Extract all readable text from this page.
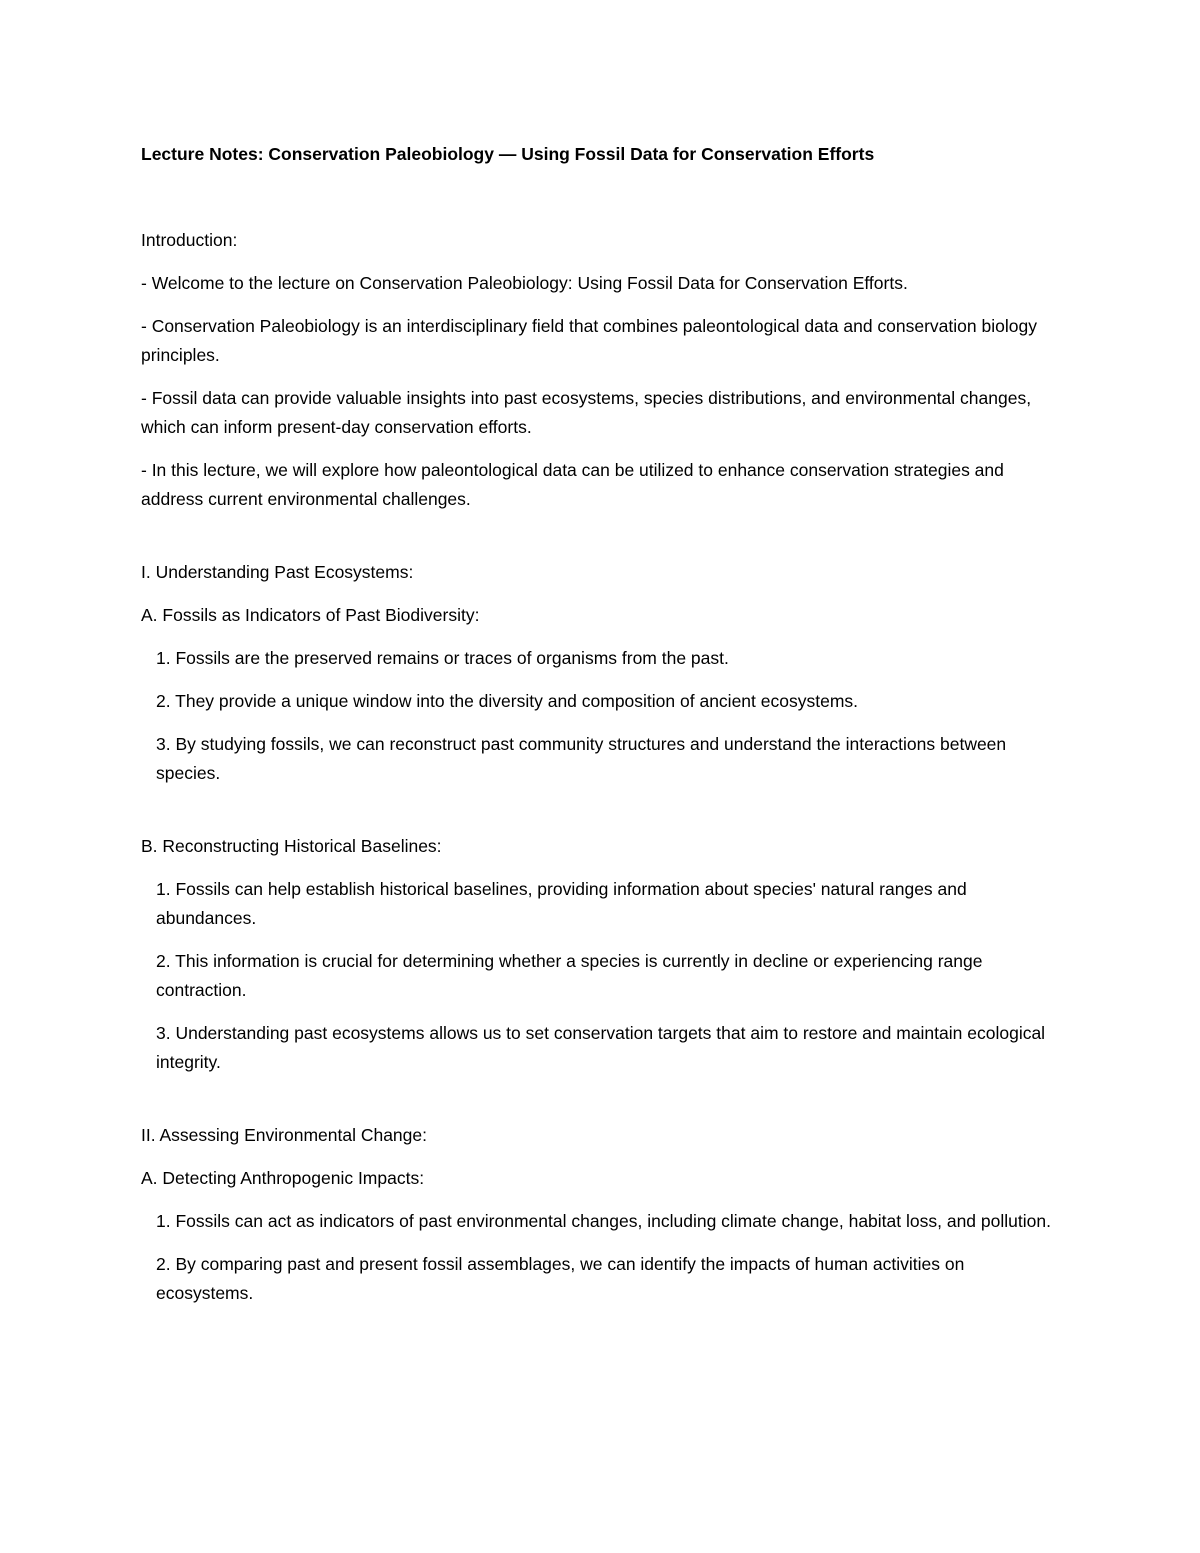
Lecture Notes: Conservation Paleobiology — Using Fossil Data for Conservation Efforts
Introduction:
- Welcome to the lecture on Conservation Paleobiology: Using Fossil Data for Conservation Efforts.
- Conservation Paleobiology is an interdisciplinary field that combines paleontological data and conservation biology principles.
- Fossil data can provide valuable insights into past ecosystems, species distributions, and environmental changes, which can inform present-day conservation efforts.
- In this lecture, we will explore how paleontological data can be utilized to enhance conservation strategies and address current environmental challenges.
I. Understanding Past Ecosystems:
A. Fossils as Indicators of Past Biodiversity:
1. Fossils are the preserved remains or traces of organisms from the past.
2. They provide a unique window into the diversity and composition of ancient ecosystems.
3. By studying fossils, we can reconstruct past community structures and understand the interactions between species.
B. Reconstructing Historical Baselines:
1. Fossils can help establish historical baselines, providing information about species' natural ranges and abundances.
2. This information is crucial for determining whether a species is currently in decline or experiencing range contraction.
3. Understanding past ecosystems allows us to set conservation targets that aim to restore and maintain ecological integrity.
II. Assessing Environmental Change:
A. Detecting Anthropogenic Impacts:
1. Fossils can act as indicators of past environmental changes, including climate change, habitat loss, and pollution.
2. By comparing past and present fossil assemblages, we can identify the impacts of human activities on ecosystems.
